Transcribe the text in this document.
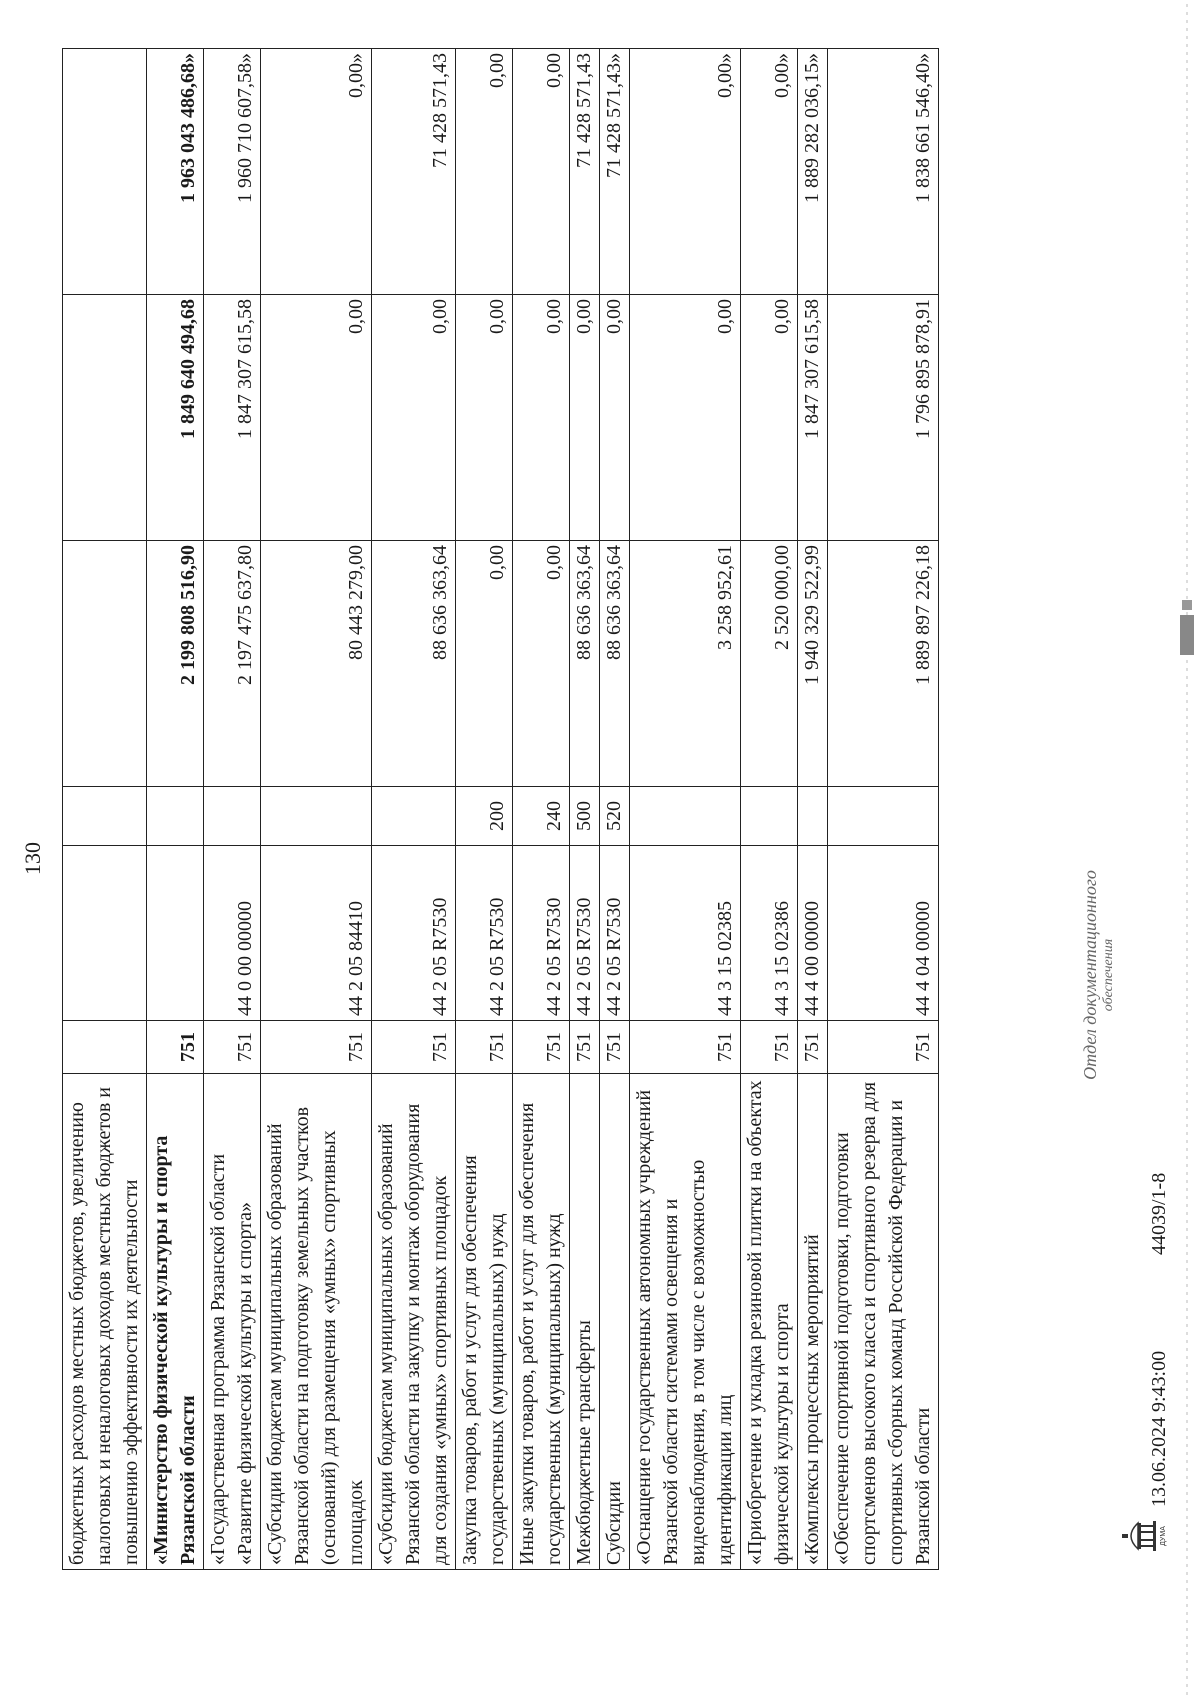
130
бюджетных расходов местных бюджетов, увеличению налоговых и неналоговых доходов местных бюджетов и повышению эффективности их деятельности						
«Министерство физической культуры и спорта Рязанской области	751			2 199 808 516,90	1 849 640 494,68	1 963 043 486,68»
«Государственная программа Рязанской области «Развитие физической культуры и спорта»	751	44 0 00 00000		2 197 475 637,80	1 847 307 615,58	1 960 710 607,58»
«Субсидии бюджетам муниципальных образований Рязанской области на подготовку земельных участков (оснований) для размещения «умных» спортивных площадок	751	44 2 05 84410		80 443 279,00	0,00	0,00»
«Субсидии бюджетам муниципальных образований Рязанской области на закупку и монтаж оборудования для создания «умных» спортивных площадок	751	44 2 05 R7530		88 636 363,64	0,00	71 428 571,43
Закупка товаров, работ и услуг для обеспечения государственных (муниципальных) нужд	751	44 2 05 R7530	200	0,00	0,00	0,00
Иные закупки товаров, работ и услуг для обеспечения государственных (муниципальных) нужд	751	44 2 05 R7530	240	0,00	0,00	0,00
Межбюджетные трансферты	751	44 2 05 R7530	500	88 636 363,64	0,00	71 428 571,43
Субсидии	751	44 2 05 R7530	520	88 636 363,64	0,00	71 428 571,43»
«Оснащение государственных автономных учреждений Рязанской области системами освещения и видеонаблюдения, в том числе с возможностью идентификации лиц	751	44 3 15 02385		3 258 952,61	0,00	0,00»
«Приобретение и укладка резиновой плитки на объектах физической культуры и спорта	751	44 3 15 02386		2 520 000,00	0,00	0,00»
«Комплексы процессных мероприятий	751	44 4 00 00000		1 940 329 522,99	1 847 307 615,58	1 889 282 036,15»
«Обеспечение спортивной подготовки, подготовки спортсменов высокого класса и спортивного резерва для спортивных сборных команд Российской Федерации и Рязанской области	751	44 4 04 00000		1 889 897 226,18	1 796 895 878,91	1 838 661 546,40»
ДУМА
13.06.2024 9:43:00
44039/1-8
Отдел документационного обеспечения
